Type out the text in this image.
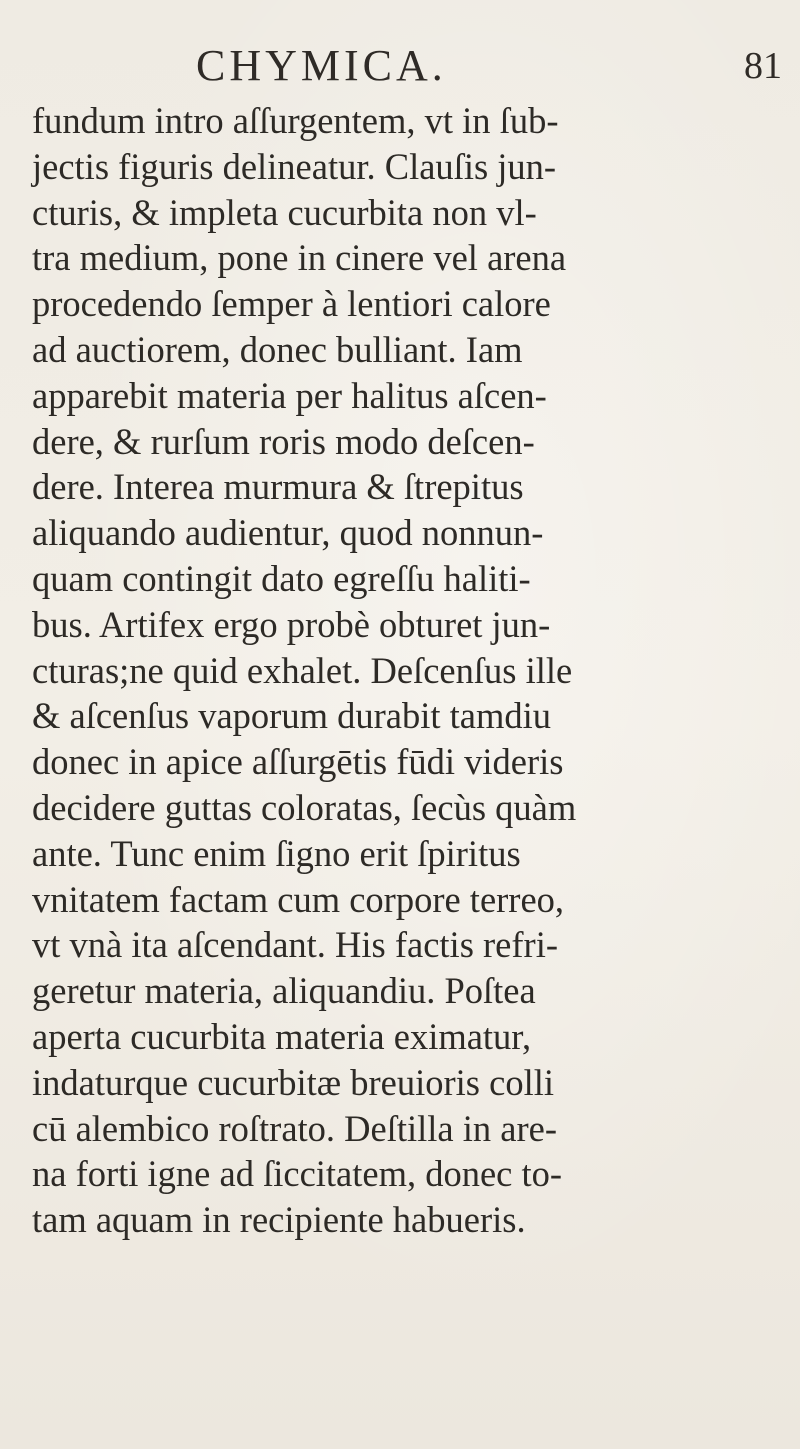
CHYMICA.	81
fundum intro aſſurgentem, vt in ſub-
jectis figuris delineatur. Clauſis jun-
cturis, & impleta cucurbita non vl-
tra medium, pone in cinere vel arena
procedendo ſemper à lentiori calore
ad auctiorem, donec bulliant. Iam
apparebit materia per halitus aſcen-
dere, & rurſum roris modo deſcen-
dere. Interea murmura & ſtrepitus
aliquando audientur, quod nonnun-
quam contingit dato egreſſu haliti-
bus. Artifex ergo probè obturet jun-
cturas;ne quid exhalet. Deſcenſus ille
& aſcenſus vaporum durabit tamdiu
donec in apice aſſurgētis fūdi videris
decidere guttas coloratas, ſecùs quàm
ante. Tunc enim ſigno erit ſpiritus
vnitatem factam cum corpore terreo,
vt vnà ita aſcendant. His factis refri-
geretur materia, aliquandiu. Poſtea
aperta cucurbita materia eximatur,
indaturque cucurbitæ breuioris colli
cū alembico roſtrato. Deſtilla in are-
na forti igne ad ſiccitatem, donec to-
tam aquam in recipiente habueris.
